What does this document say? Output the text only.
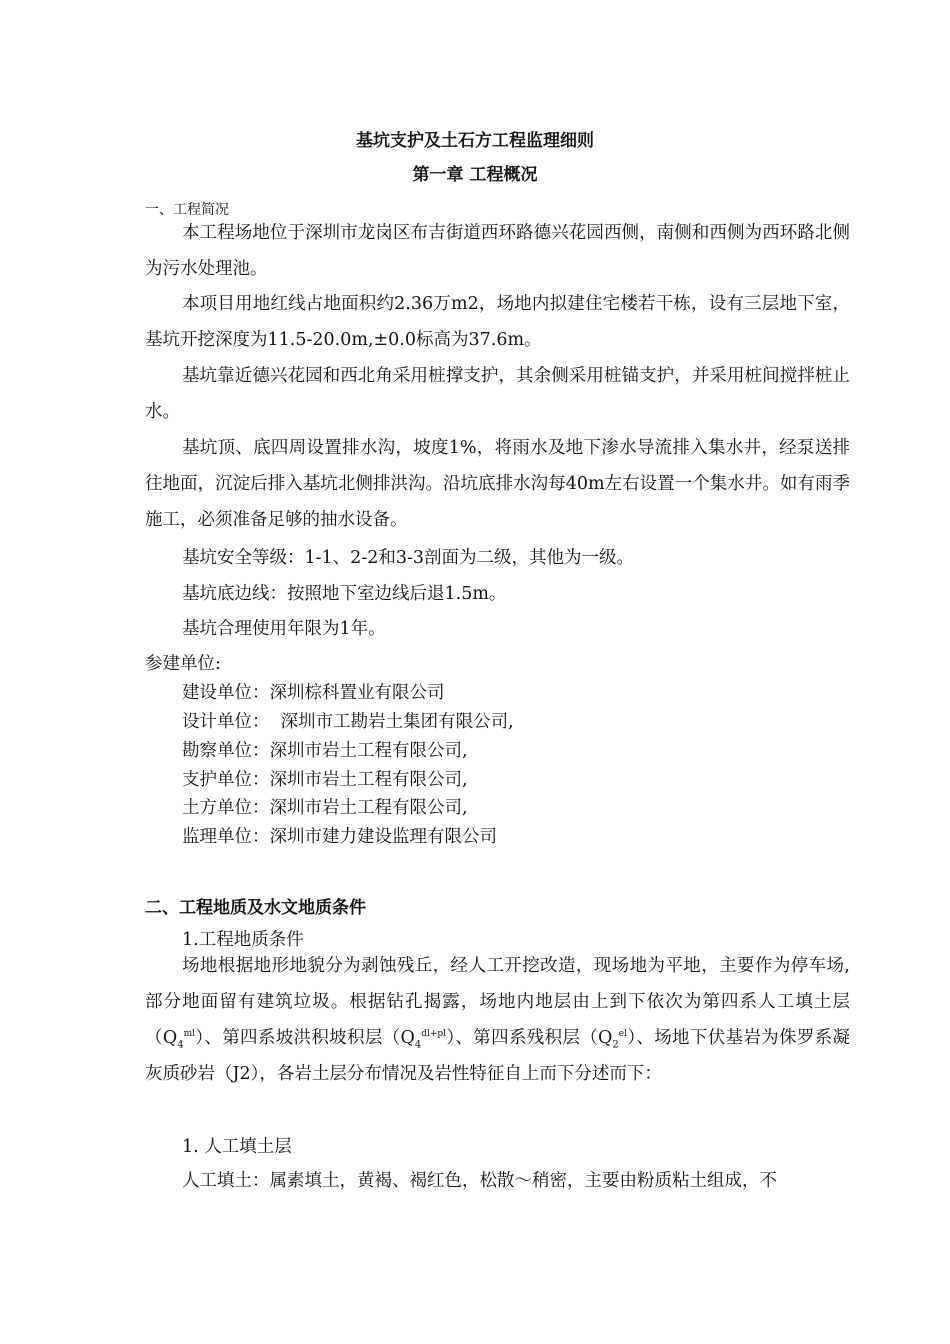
基坑支护及土石方工程监理细则
第一章 工程概况
一、工程简况
本工程场地位于深圳市龙岗区布吉街道西环路德兴花园西侧，南侧和西侧为西环路北侧为污水处理池。
本项目用地红线占地面积约2.36万m2，场地内拟建住宅楼若干栋，设有三层地下室，基坑开挖深度为11.5-20.0m,±0.0标高为37.6m。
基坑靠近德兴花园和西北角采用桩撑支护，其余侧采用桩锚支护，并采用桩间搅拌桩止水。
基坑顶、底四周设置排水沟，坡度1%，将雨水及地下渗水导流排入集水井，经泵送排往地面，沉淀后排入基坑北侧排洪沟。沿坑底排水沟每40m左右设置一个集水井。如有雨季施工，必须准备足够的抽水设备。
基坑安全等级：1-1、2-2和3-3剖面为二级，其他为一级。
基坑底边线：按照地下室边线后退1.5m。
基坑合理使用年限为1年。
参建单位:
建设单位：深圳棕科置业有限公司
设计单位：  深圳市工勘岩土集团有限公司,
勘察单位：深圳市岩土工程有限公司,
支护单位：深圳市岩土工程有限公司,
土方单位：深圳市岩土工程有限公司,
监理单位：深圳市建力建设监理有限公司
二、工程地质及水文地质条件
1.工程地质条件
场地根据地形地貌分为剥蚀残丘，经人工开挖改造，现场地为平地，主要作为停车场,部分地面留有建筑垃圾。根据钻孔揭露，场地内地层由上到下依次为第四系人工填土层$(Q_4^{ml})$、第四系坡洪积坡积层$(Q_4^{dl+pl})$、第四系残积层$(Q_2^{el})$、场地下伏基岩为侏罗系凝灰质砂岩（J2），各岩土层分布情况及岩性特征自上而下分述而下：
1. 人工填土层
人工填土：属素填土，黄褐、褐红色，松散～稍密，主要由粉质粘土组成，不
